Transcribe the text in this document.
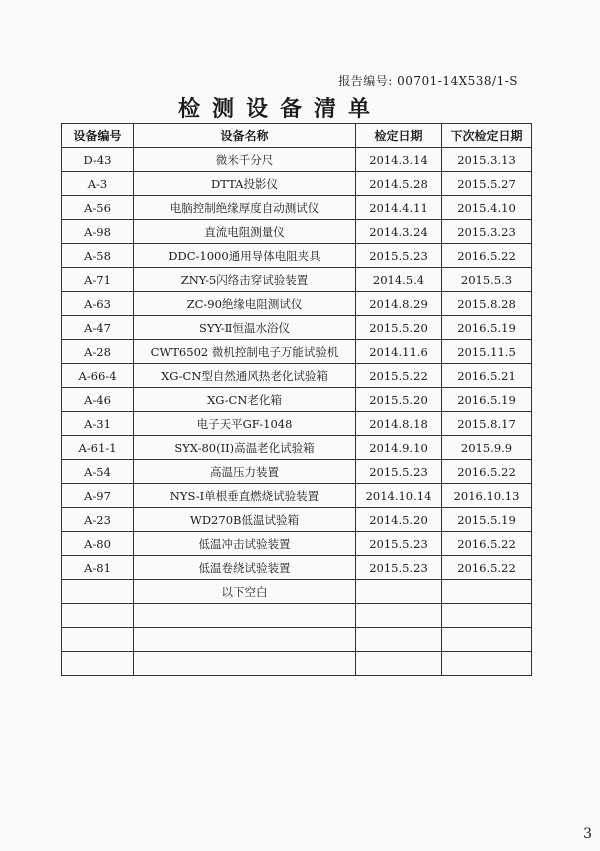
报告编号: 00701-14X538/1-S
检测设备清单
设备编号	设备名称	检定日期	下次检定日期
D-43	微米千分尺	2014.3.14	2015.3.13
A-3	DTTA投影仪	2014.5.28	2015.5.27
A-56	电脑控制绝缘厚度自动测试仪	2014.4.11	2015.4.10
A-98	直流电阻测量仪	2014.3.24	2015.3.23
A-58	DDC-1000通用导体电阻夹具	2015.5.23	2016.5.22
A-71	ZNY-5闪络击穿试验装置	2014.5.4	2015.5.3
A-63	ZC-90绝缘电阻测试仪	2014.8.29	2015.8.28
A-47	SYY-Ⅱ恒温水浴仪	2015.5.20	2016.5.19
A-28	CWT6502 微机控制电子万能试验机	2014.11.6	2015.11.5
A-66-4	XG-CN型自然通风热老化试验箱	2015.5.22	2016.5.21
A-46	XG-CN老化箱	2015.5.20	2016.5.19
A-31	电子天平GF-1048	2014.8.18	2015.8.17
A-61-1	SYX-80(II)高温老化试验箱	2014.9.10	2015.9.9
A-54	高温压力装置	2015.5.23	2016.5.22
A-97	NYS-I单根垂直燃烧试验装置	2014.10.14	2016.10.13
A-23	WD270B低温试验箱	2014.5.20	2015.5.19
A-80	低温冲击试验装置	2015.5.23	2016.5.22
A-81	低温卷绕试验装置	2015.5.23	2016.5.22
	以下空白		

3
